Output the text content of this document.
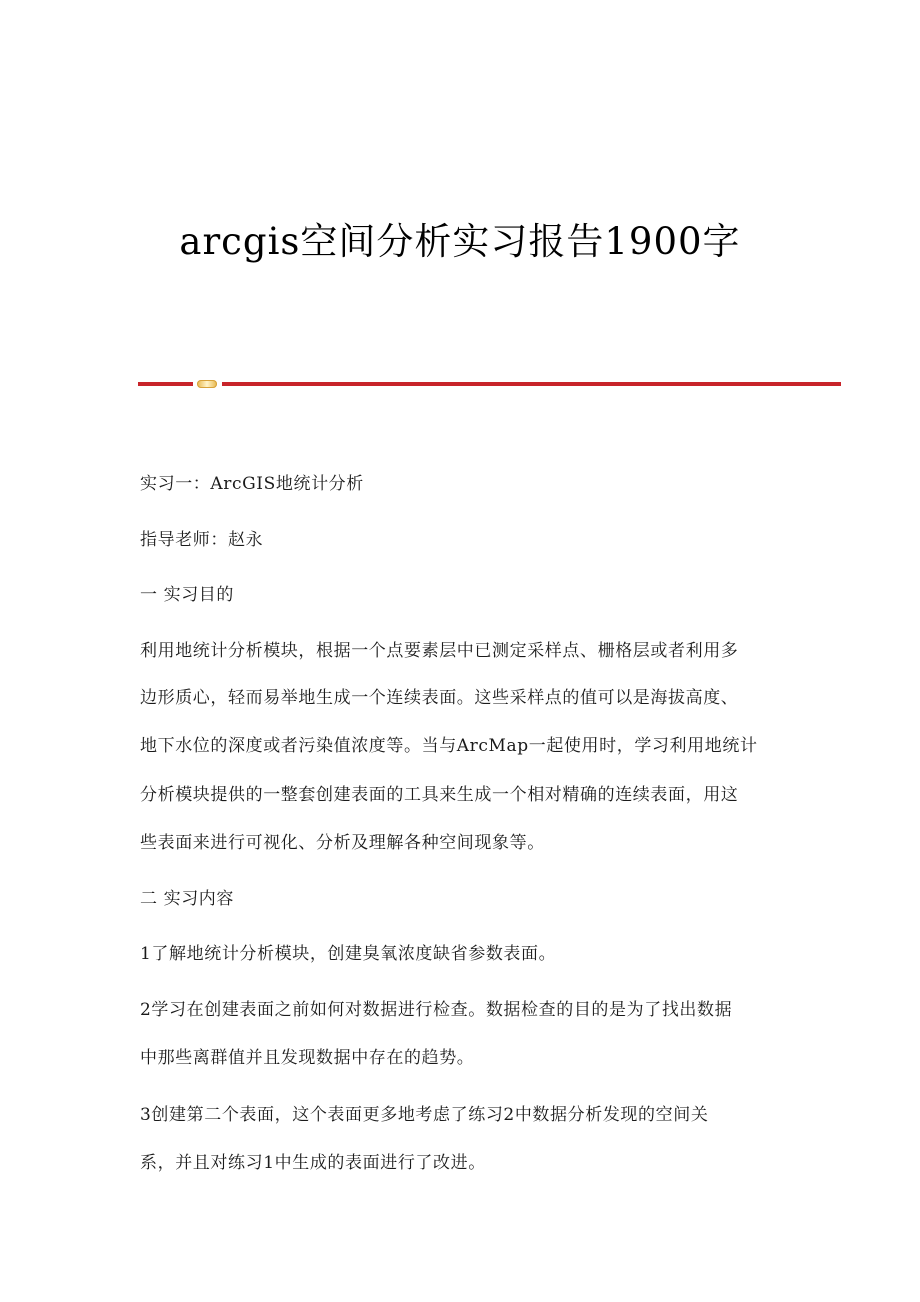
arcgis空间分析实习报告1900字
实习一：ArcGIS地统计分析
指导老师：赵永
一 实习目的
利用地统计分析模块，根据一个点要素层中已测定采样点、栅格层或者利用多
边形质心，轻而易举地生成一个连续表面。这些采样点的值可以是海拔高度、
地下水位的深度或者污染值浓度等。当与ArcMap一起使用时，学习利用地统计
分析模块提供的一整套创建表面的工具来生成一个相对精确的连续表面，用这
些表面来进行可视化、分析及理解各种空间现象等。
二 实习内容
1了解地统计分析模块，创建臭氧浓度缺省参数表面。
2学习在创建表面之前如何对数据进行检查。数据检查的目的是为了找出数据
中那些离群值并且发现数据中存在的趋势。
3创建第二个表面，这个表面更多地考虑了练习2中数据分析发现的空间关
系，并且对练习1中生成的表面进行了改进。
